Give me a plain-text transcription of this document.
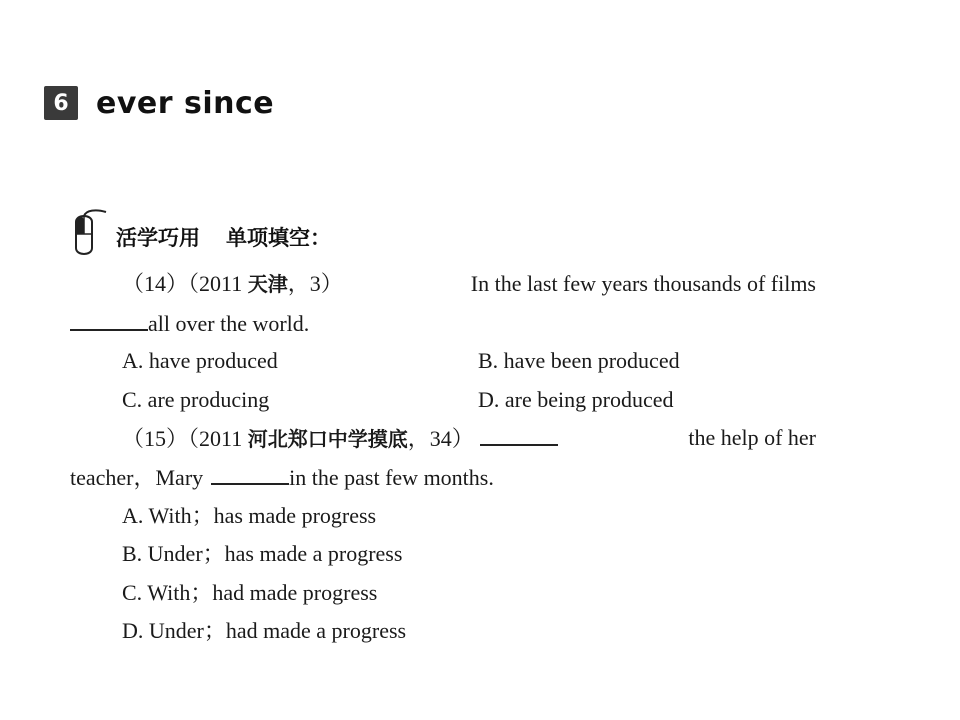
6 ever since
活学巧用 单项填空：
（14）（2011 天津，3）	In the last few years thousands of films
all over the world.
A. have produced	B. have been produced
C. are producing	D. are being produced
（15）（2011 河北郑口中学摸底，34）	the help of her
teacher，Mary	in the past few months.
A. With；has made progress
B. Under；has made a progress
C. With；had made progress
D. Under；had made a progress
